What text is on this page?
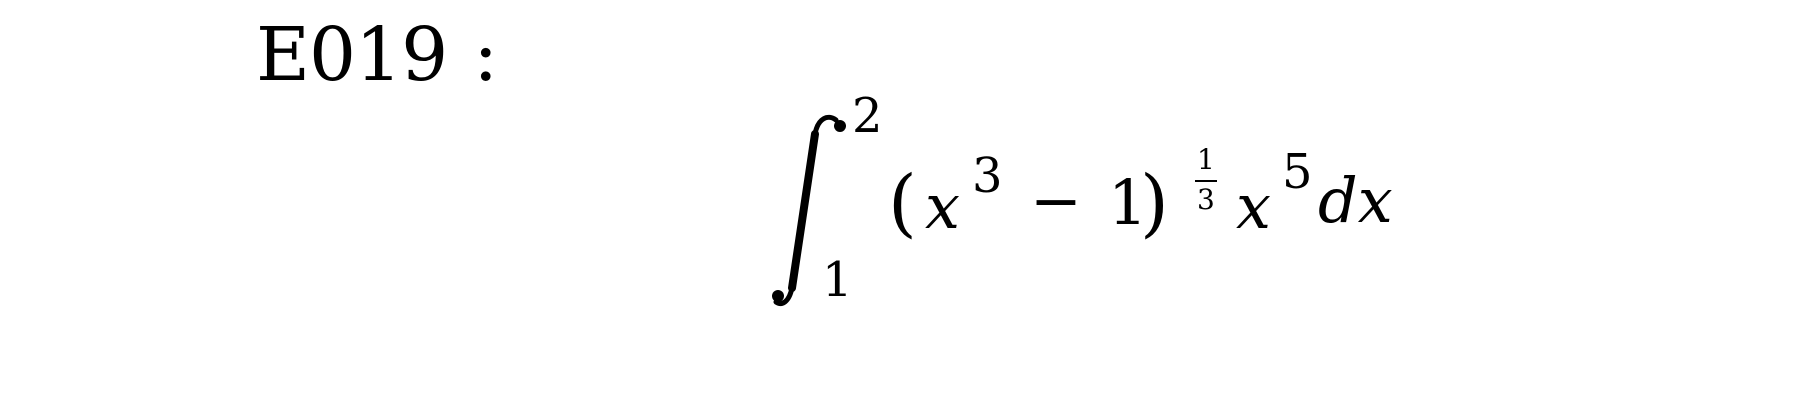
E019 :
2
1
( x 3 − 1
)
1
3 x 5 dx
